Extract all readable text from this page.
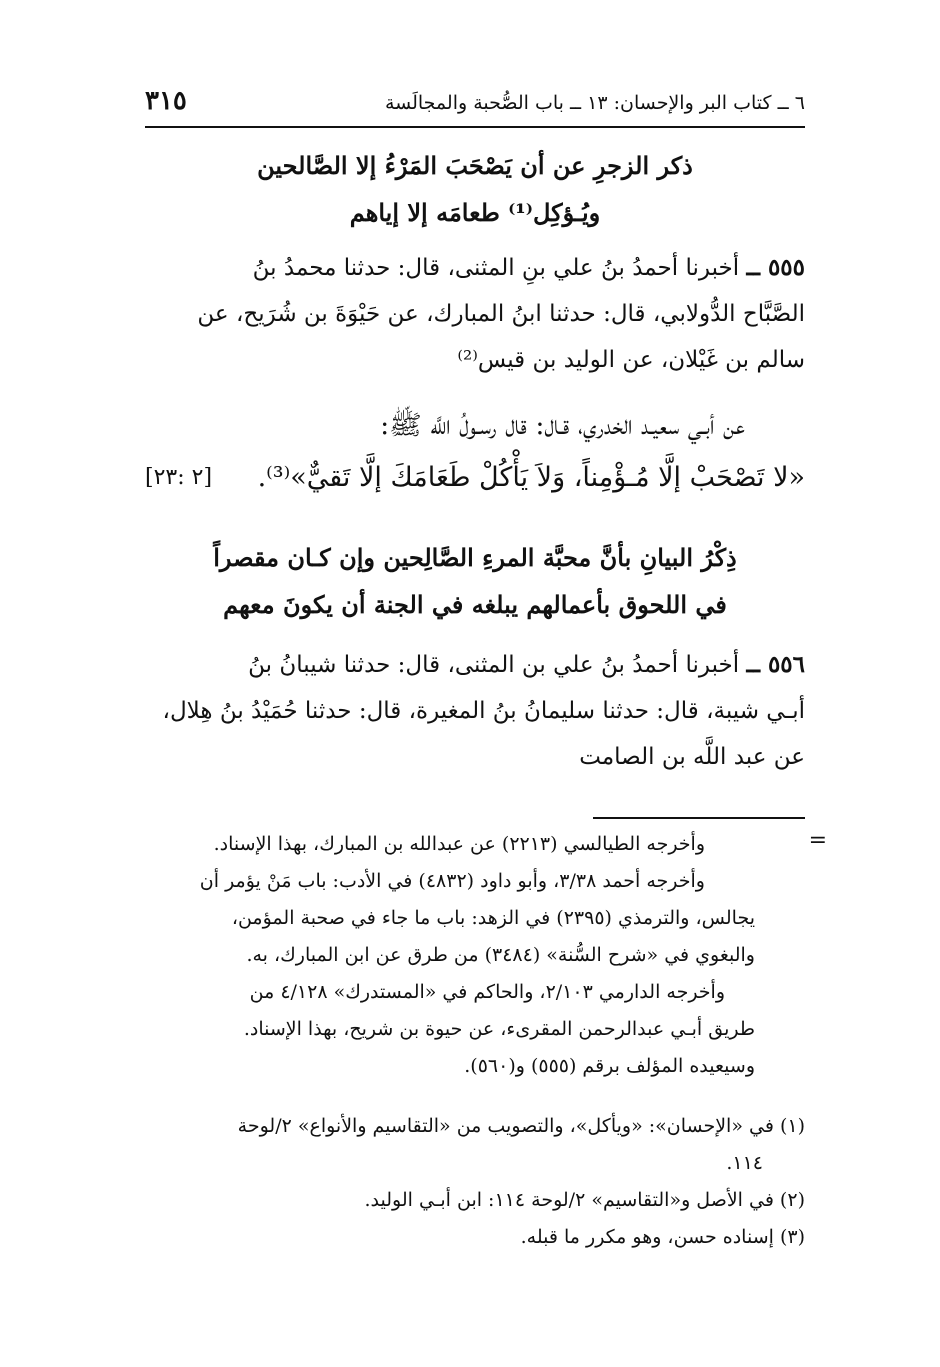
٣١٥	٦ ــ كتاب البر والإحسان: ١٣ ــ باب الصُّحبة والمجالَسة
ذكر الزجرِ عن أن يَصْحَبَ المَرْءُ إلا الصَّالحين
ويُـؤكِل⁽¹⁾ طعامَه إلا إياهم
٥٥٥ ــ أخبرنا أحمدُ بنُ علي بنِ المثنى، قال: حدثنا محمدُ بنُ
الصَّبَّاح الدُّولابي، قال: حدثنا ابنُ المبارك، عن حَيْوَةَ بن شُرَيح، عن
سالم بن غَيْلان، عن الوليد بن قيس⁽²⁾
عن أبـي سعيـد الخدري، قـال: قال رسـولُ اللَّه ﷺ:
«لا تَصْحَبْ إلَّا مُـؤْمِناً، وَلاَ يَأْكُلْ طَعَامَكَ إلَّا تَقيٌّ»⁽³⁾.
[٢ :٢٣]
ذِكْرُ البيانِ بأنَّ محبَّة المرءِ الصَّالِحين وإن كـان مقصراً
في اللحوق بأعمالهم يبلغه في الجنة أن يكونَ معهم
٥٥٦ ــ أخبرنا أحمدُ بنُ علي بن المثنى، قال: حدثنا شيبانُ بنُ
أبـي شيبة، قال: حدثنا سليمانُ بنُ المغيرة، قال: حدثنا حُمَيْدُ بنُ هِلال،
عن عبد اللَّه بن الصامت
=
وأخرجه الطيالسي (٢٢١٣) عن عبدالله بن المبارك، بهذا الإسناد.
وأخرجه أحمد ٣/٣٨، وأبو داود (٤٨٣٢) في الأدب: باب مَنْ يؤمر أن
يجالس، والترمذي (٢٣٩٥) في الزهد: باب ما جاء في صحبة المؤمن،
والبغوي في «شرح السُّنة» (٣٤٨٤) من طرق عن ابن المبارك، به.
وأخرجه الدارمي ٢/١٠٣، والحاكم في «المستدرك» ٤/١٢٨ من
طريق أبـي عبدالرحمن المقرىء، عن حيوة بن شريح، بهذا الإسناد.
وسيعيده المؤلف برقم (٥٥٥) و(٥٦٠).
(١) في «الإحسان»: «ويأكل»، والتصويب من «التقاسيم والأنواع» ٢/لوحة
١١٤.
(٢) في الأصل و«التقاسيم» ٢/لوحة ١١٤: ابن أبـي الوليد.
(٣) إسناده حسن، وهو مكرر ما قبله.
